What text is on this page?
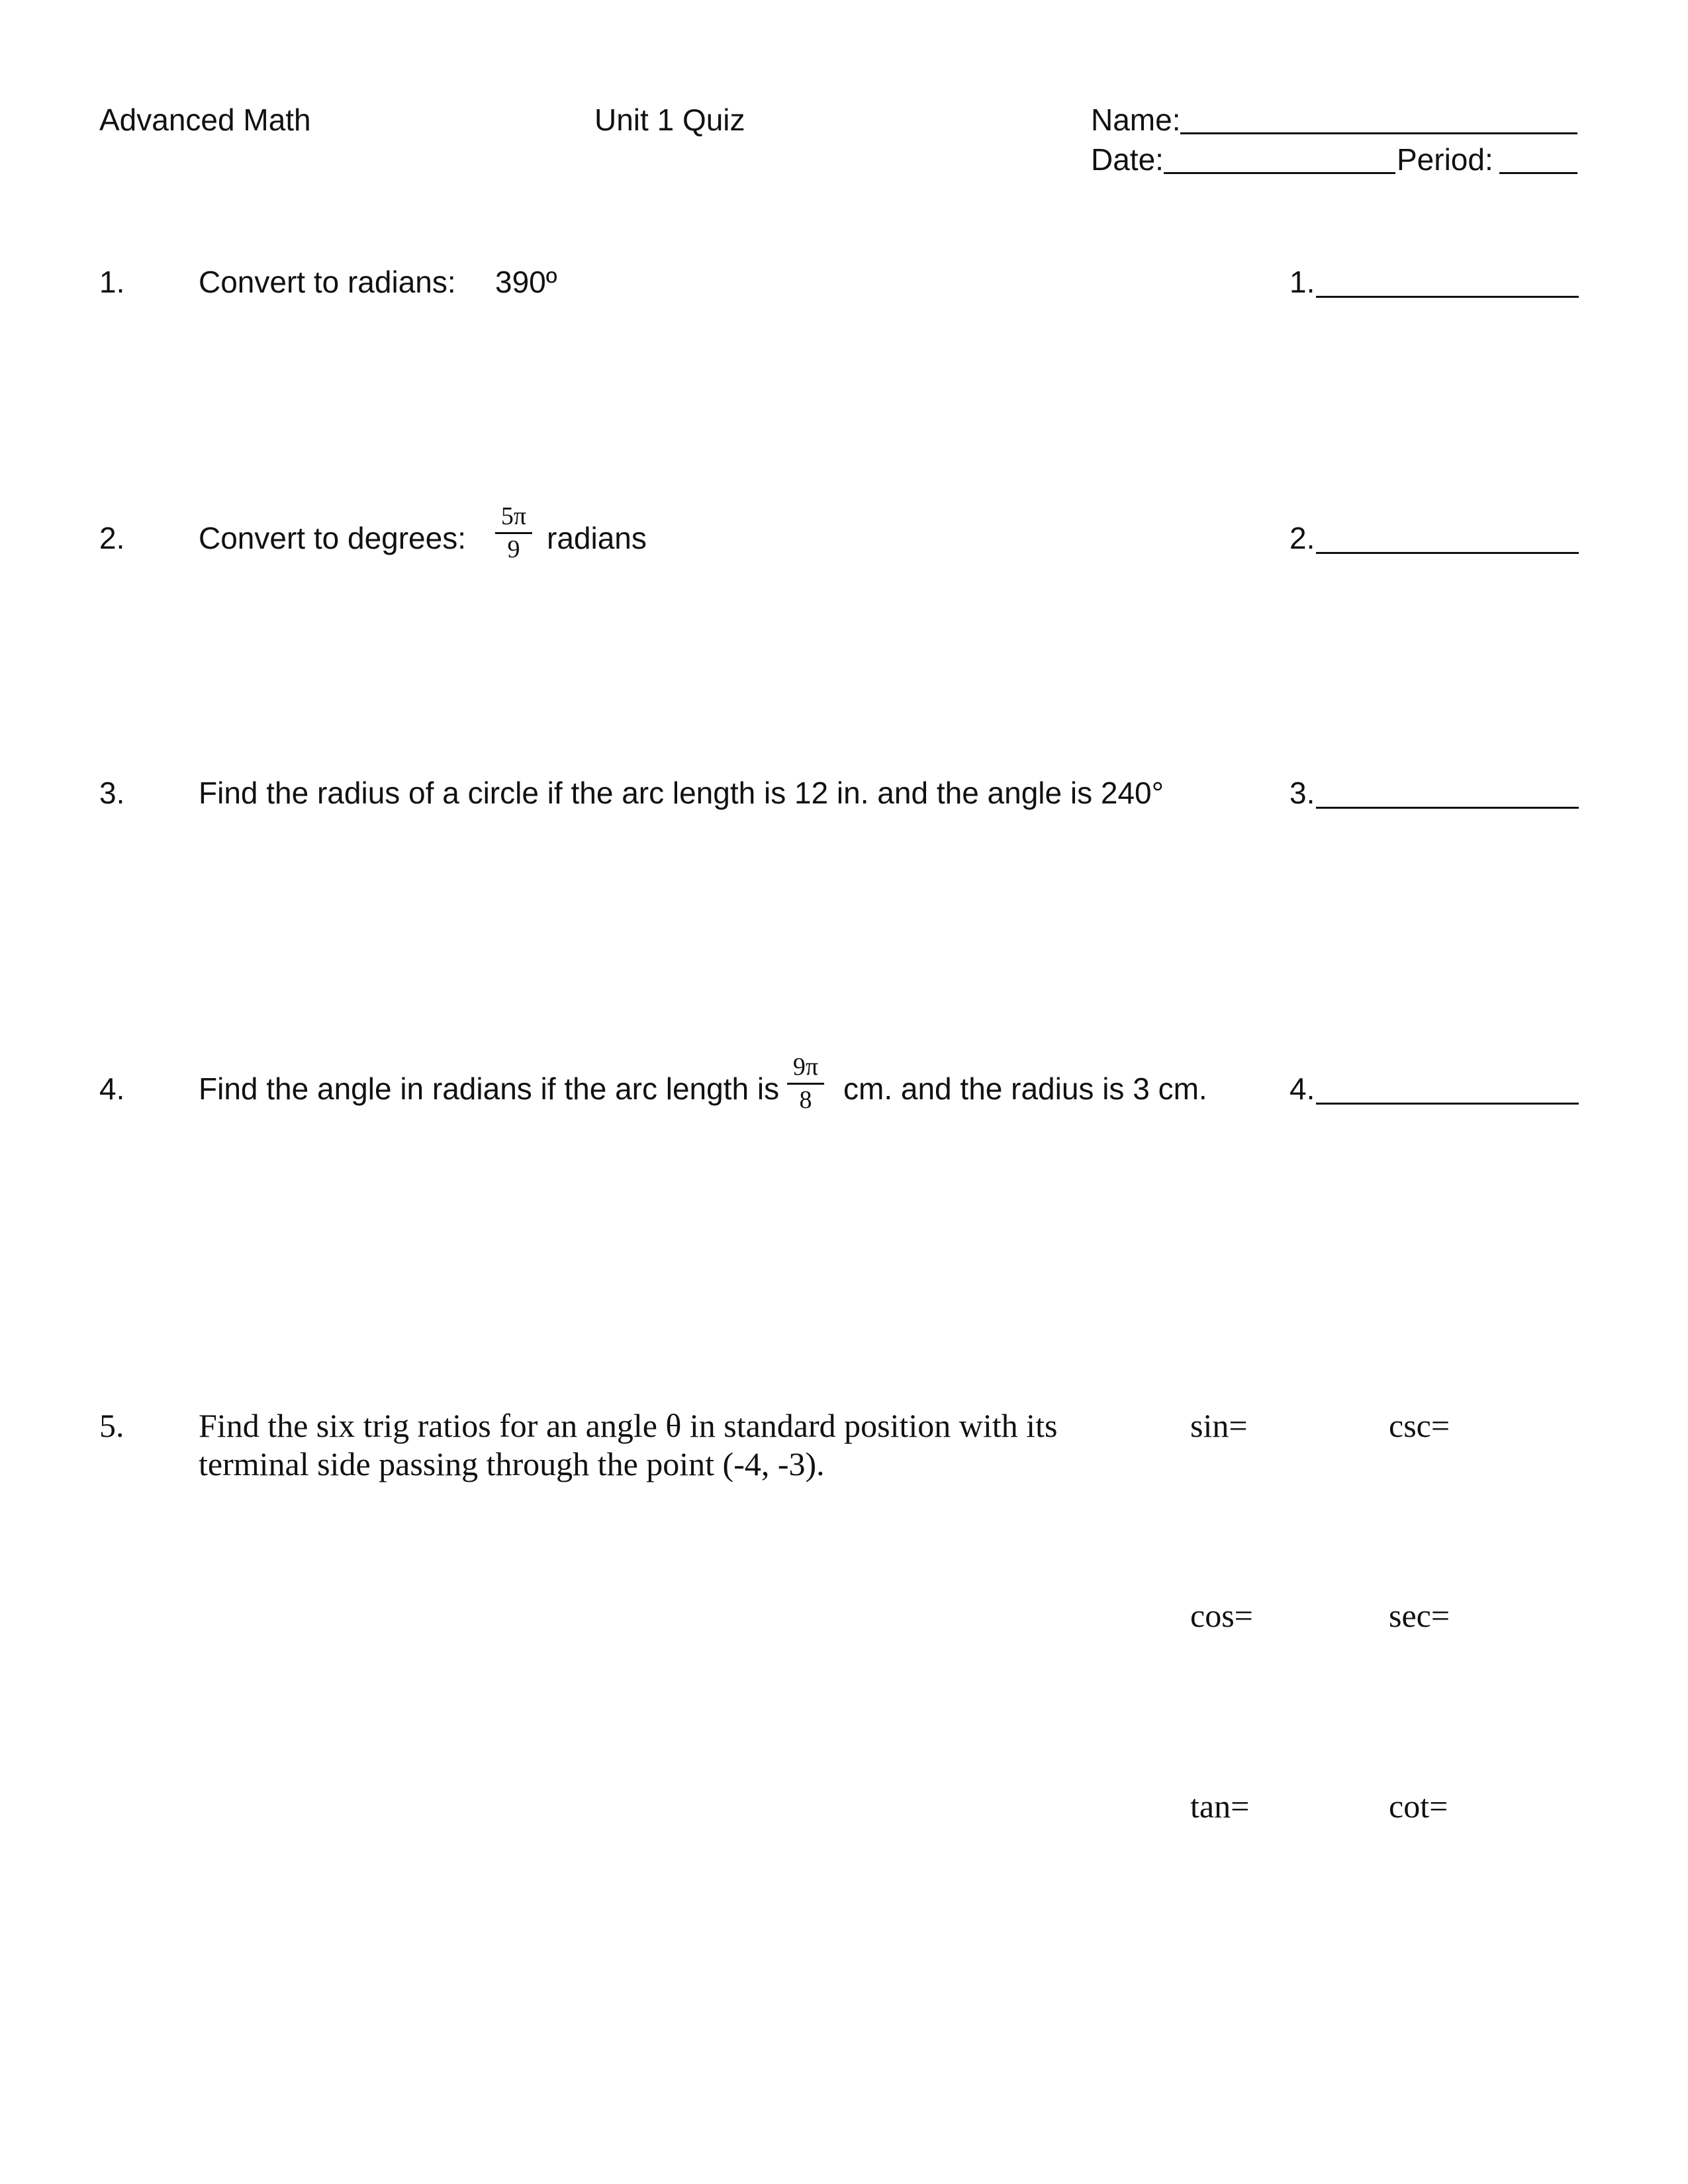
Advanced Math	Unit 1 Quiz	Name:
Date:	Period:
1. Convert to radians: 390º	1.
2. Convert to degrees:
5π
9 radians	2.
3. Find the radius of a circle if the arc length is 12 in. and the angle is 240°	3.
4. Find the angle in radians if the arc length is
9π
8	cm. and the radius is 3 cm.	4.
5. Find the six trig ratios for an angle θ in standard position with its
terminal side passing through the point (-4, -3).
sin=	csc=
cos=	sec=
tan=	cot=
